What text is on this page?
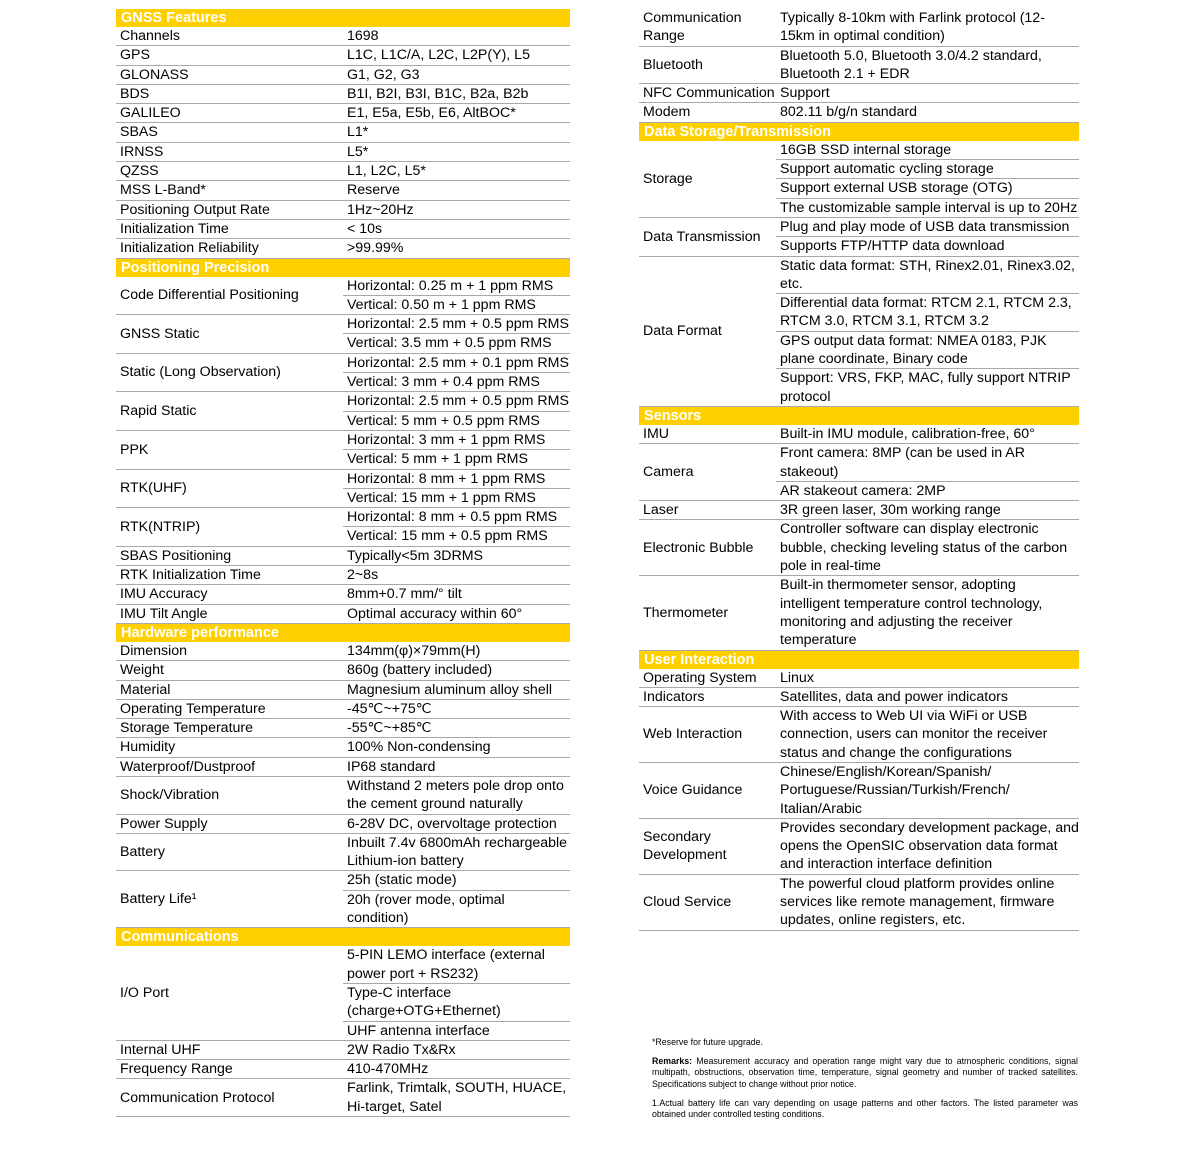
GNSS Features	
Channels	1698
GPS	L1C, L1C/A, L2C, L2P(Y), L5
GLONASS	G1, G2, G3
BDS	B1I, B2I, B3I, B1C, B2a, B2b
GALILEO	E1, E5a, E5b, E6, AltBOC*
SBAS	L1*
IRNSS	L5*
QZSS	L1, L2C, L5*
MSS L-Band*	Reserve
Positioning Output Rate	1Hz~20Hz
Initialization Time	< 10s
Initialization Reliability	>99.99%
Positioning Precision	
Code Differential Positioning	Horizontal: 0.25 m + 1 ppm RMS
	Vertical: 0.50 m + 1 ppm RMS
GNSS Static	Horizontal: 2.5 mm + 0.5 ppm RMS
	Vertical: 3.5 mm + 0.5 ppm RMS
Static (Long Observation)	Horizontal: 2.5 mm + 0.1 ppm RMS
	Vertical: 3 mm + 0.4 ppm RMS
Rapid Static	Horizontal: 2.5 mm + 0.5 ppm RMS
	Vertical: 5 mm + 0.5 ppm RMS
PPK	Horizontal: 3 mm + 1 ppm RMS
	Vertical: 5 mm + 1 ppm RMS
RTK(UHF)	Horizontal: 8 mm + 1 ppm RMS
	Vertical: 15 mm + 1 ppm RMS
RTK(NTRIP)	Horizontal: 8 mm + 0.5 ppm RMS
	Vertical: 15 mm + 0.5 ppm RMS
SBAS Positioning	Typically<5m 3DRMS
RTK Initialization Time	2~8s
IMU Accuracy	8mm+0.7 mm/° tilt
IMU Tilt Angle	Optimal accuracy within 60°
Hardware performance	
Dimension	134mm(φ)×79mm(H)
Weight	860g (battery included)
Material	Magnesium aluminum alloy shell
Operating Temperature	-45℃~+75℃
Storage Temperature	-55℃~+85℃
Humidity	100% Non-condensing
Waterproof/Dustproof	IP68 standard
Shock/Vibration	Withstand 2 meters pole drop onto the cement ground naturally
Power Supply	6-28V DC, overvoltage protection
Battery	Inbuilt 7.4v 6800mAh rechargeable Lithium-ion battery
Battery Life¹	25h (static mode)
	20h (rover mode, optimal condition)
Communications	
I/O Port	5-PIN LEMO interface (external power port + RS232)
	Type-C interface (charge+OTG+Ethernet)
	UHF antenna interface
Internal UHF	2W Radio Tx&Rx
Frequency Range	410-470MHz
Communication Protocol	Farlink, Trimtalk, SOUTH, HUACE, Hi-target, Satel
Communication Range	Typically 8-10km with Farlink protocol (12-15km in optimal condition)
Bluetooth	Bluetooth 5.0, Bluetooth 3.0/4.2 standard, Bluetooth 2.1 + EDR
NFC Communication	Support
Modem	802.11 b/g/n standard
Data Storage/Transmission	
Storage	16GB SSD internal storage
	Support automatic cycling storage
	Support external USB storage (OTG)
	The customizable sample interval is up to 20Hz
Data Transmission	Plug and play mode of USB data transmission
	Supports FTP/HTTP data download
Data Format	Static data format: STH, Rinex2.01, Rinex3.02, etc.
	Differential data format: RTCM 2.1, RTCM 2.3, RTCM 3.0, RTCM 3.1, RTCM 3.2
	GPS output data format: NMEA 0183, PJK plane coordinate, Binary code
	Support: VRS, FKP, MAC, fully support NTRIP protocol
Sensors	
IMU	Built-in IMU module, calibration-free, 60°
Camera	Front camera: 8MP (can be used in AR stakeout)
	AR stakeout camera: 2MP
Laser	3R green laser, 30m working range
Electronic Bubble	Controller software can display electronic bubble, checking leveling status of the carbon pole in real-time
Thermometer	Built-in thermometer sensor, adopting intelligent temperature control technology, monitoring and adjusting the receiver temperature
User Interaction	
Operating System	Linux
Indicators	Satellites, data and power indicators
Web Interaction	With access to Web UI via WiFi or USB connection, users can monitor the receiver status and change the configurations
Voice Guidance	Chinese/English/Korean/Spanish/ Portuguese/Russian/Turkish/French/ Italian/Arabic
Secondary Development	Provides secondary development package, and opens the OpenSIC observation data format and interaction interface definition
Cloud Service	The powerful cloud platform provides online services like remote management, firmware updates, online registers, etc.

*Reserve for future upgrade.

Remarks: Measurement accuracy and operation range might vary due to atmospheric conditions, signal multipath, obstructions, observation time, temperature, signal geometry and number of tracked satellites. Specifications subject to change without prior notice.

1.Actual battery life can vary depending on usage patterns and other factors. The listed parameter was obtained under controlled testing conditions.
